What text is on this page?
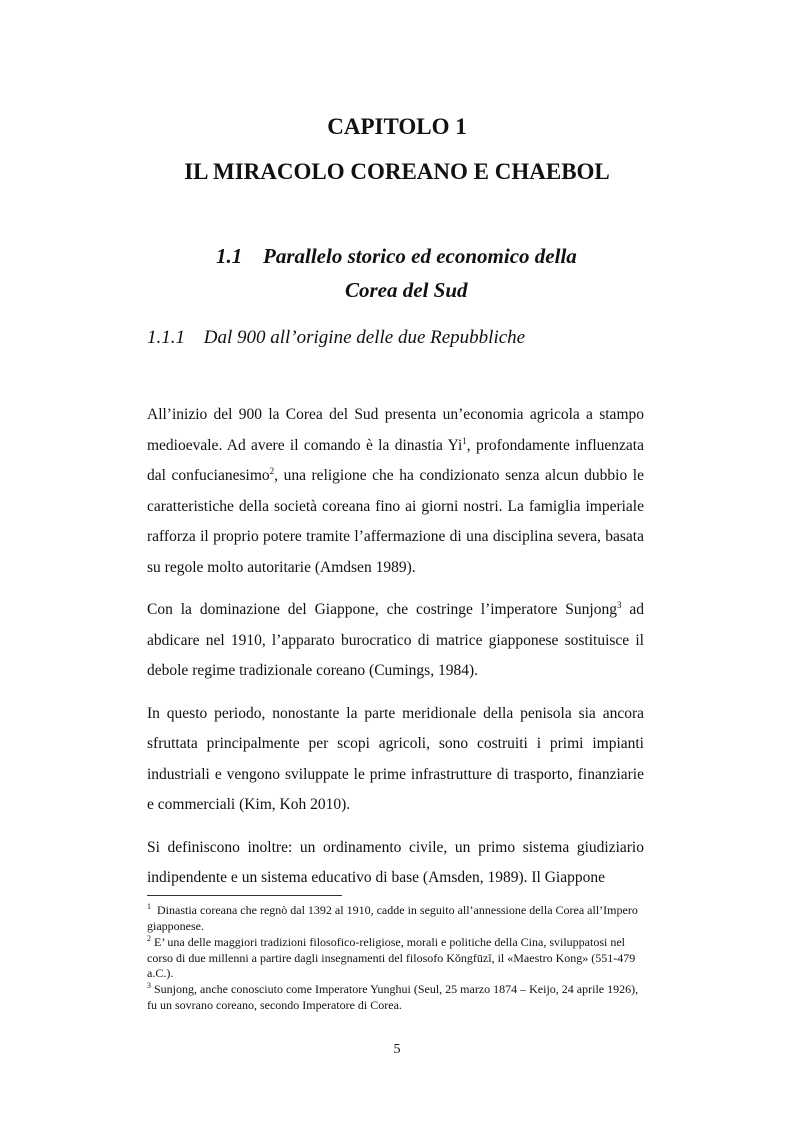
CAPITOLO 1
IL MIRACOLO COREANO E CHAEBOL
1.1 Parallelo storico ed economico della
Corea del Sud
1.1.1 Dal 900 all’origine delle due Repubbliche

All’inizio del 900 la Corea del Sud presenta un’economia agricola a stampo medioevale. Ad avere il comando è la dinastia Yi$^1$, profondamente influenzata dal confucianesimo$^2$, una religione che ha condizionato senza alcun dubbio le caratteristiche della società coreana fino ai giorni nostri. La famiglia imperiale rafforza il proprio potere tramite l’affermazione di una disciplina severa, basata su regole molto autoritarie (Amdsen 1989).

Con la dominazione del Giappone, che costringe l’imperatore Sunjong$^3$ ad abdicare nel 1910, l’apparato burocratico di matrice giapponese sostituisce il debole regime tradizionale coreano (Cumings, 1984).

In questo periodo, nonostante la parte meridionale della penisola sia ancora sfruttata principalmente per scopi agricoli, sono costruiti i primi impianti industriali e vengono sviluppate le prime infrastrutture di trasporto, finanziarie e commerciali (Kim, Koh 2010).

Si definiscono inoltre: un ordinamento civile, un primo sistema giudiziario indipendente e un sistema educativo di base (Amsden, 1989). Il Giappone

$^1$ Dinastia coreana che regnò dal 1392 al 1910, cadde in seguito all’annessione della Corea all’Impero giapponese.
$^2$ E’ una delle maggiori tradizioni filosofico-religiose, morali e politiche della Cina, sviluppatosi nel corso di due millenni a partire dagli insegnamenti del filosofo Kǒngfūzǐ, il «Maestro Kong» (551-479 a.C.).
$^3$ Sunjong, anche conosciuto come Imperatore Yunghui (Seul, 25 marzo 1874 – Keijo, 24 aprile 1926), fu un sovrano coreano, secondo Imperatore di Corea.
5
